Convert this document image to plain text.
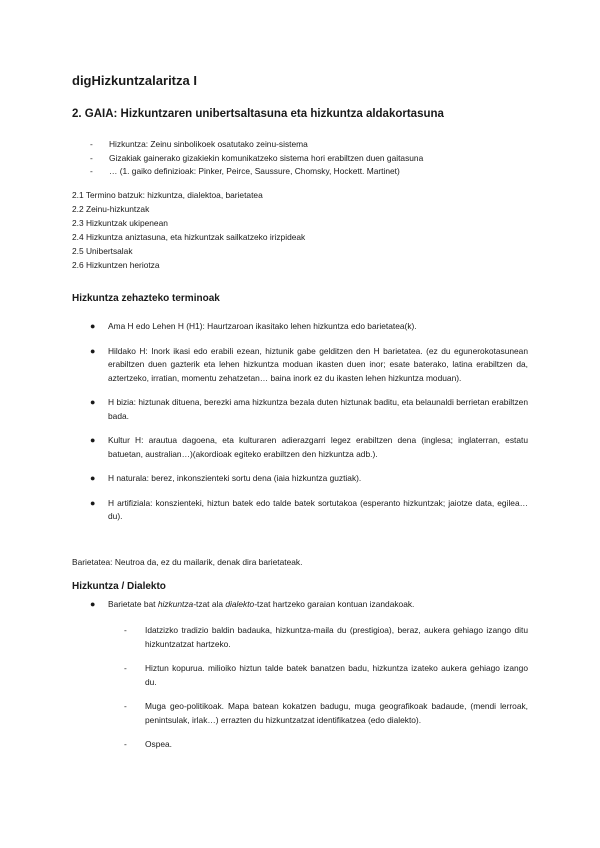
digHizkuntzalaritza I
2. GAIA: Hizkuntzaren unibertsaltasuna eta hizkuntza aldakortasuna
- Hizkuntza: Zeinu sinbolikoek osatutako zeinu-sistema
- Gizakiak gainerako gizakiekin komunikatzeko sistema hori erabiltzen duen gaitasuna
- … (1. gaiko definizioak: Pinker, Peirce, Saussure, Chomsky, Hockett. Martinet)
2.1 Termino batzuk: hizkuntza, dialektoa, barietatea
2.2 Zeinu-hizkuntzak
2.3 Hizkuntzak ukipenean
2.4 Hizkuntza aniztasuna, eta hizkuntzak sailkatzeko irizpideak
2.5 Unibertsalak
2.6 Hizkuntzen heriotza
Hizkuntza zehazteko terminoak
● Ama H edo Lehen H (H1): Haurtzaroan ikasitako lehen hizkuntza edo barietatea(k).
● Hildako H: Inork ikasi edo erabili ezean, hiztunik gabe gelditzen den H barietatea. (ez du egunerokotasunean erabiltzen duen gazterik eta lehen hizkuntza moduan ikasten duen inor; esate baterako, latina erabiltzen da, aztertzeko, irratian, momentu zehatzetan… baina inork ez du ikasten lehen hizkuntza moduan).
● H bizia: hiztunak dituena, berezki ama hizkuntza bezala duten hiztunak baditu, eta belaunaldi berrietan erabiltzen bada.
● Kultur H: arautua dagoena, eta kulturaren adierazgarri legez erabiltzen dena (inglesa; inglaterran, estatu batuetan, australian…)(akordioak egiteko erabiltzen den hizkuntza adb.).
● H naturala: berez, inkonszienteki sortu dena (iaia hizkuntza guztiak).
● H artifiziala: konszienteki, hiztun batek edo talde batek sortutakoa (esperanto hizkuntzak; jaiotze data, egilea… du).
Barietatea: Neutroa da, ez du mailarik, denak dira barietateak.
Hizkuntza / Dialekto
● Barietate bat hizkuntza-tzat ala dialekto-tzat hartzeko garaian kontuan izandakoak.
- Idatzizko tradizio baldin badauka, hizkuntza-maila du (prestigioa), beraz, aukera gehiago izango ditu hizkuntzatzat hartzeko.
- Hiztun kopurua. milioiko hiztun talde batek banatzen badu, hizkuntza izateko aukera gehiago izango du.
- Muga geo-politikoak. Mapa batean kokatzen badugu, muga geografikoak badaude, (mendi lerroak, penintsulak, irlak…) errazten du hizkuntzatzat identifikatzea (edo dialekto).
- Ospea.
